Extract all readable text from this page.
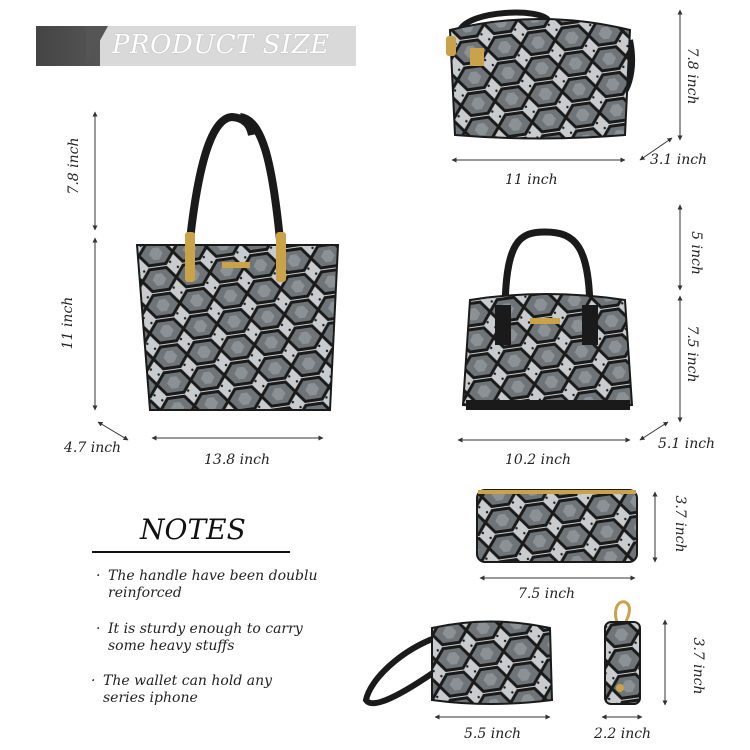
PRODUCT SIZE
7.8 inch
11 inch
4.7 inch
13.8 inch
7.8 inch
3.1 inch
11 inch
5 inch
7.5 inch
5.1 inch
10.2 inch
3.7 inch
7.5 inch
5.5 inch
3.7 inch
2.2 inch
NOTES
· The handle have been doublu reinforced
· It is sturdy enough to carry some heavy stuffs
· The wallet can hold any series iphone
